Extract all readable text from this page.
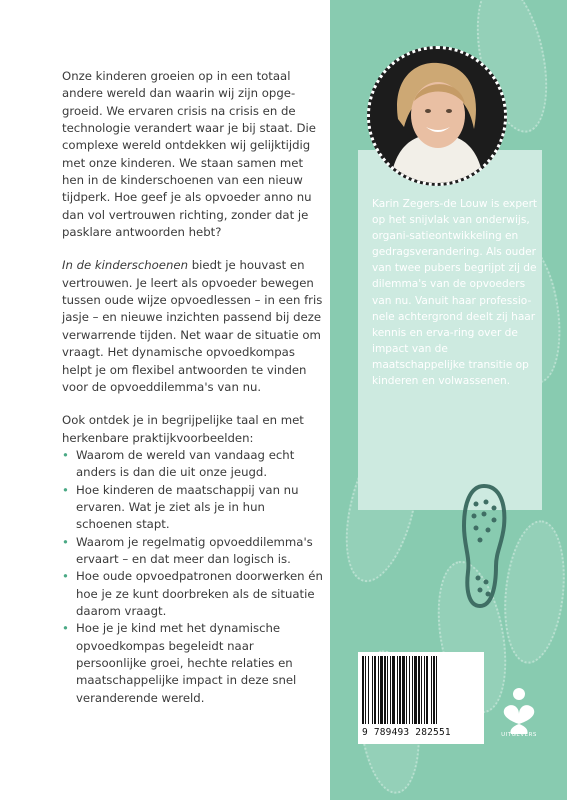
Karin Zegers-de Louw is expert op het snijvlak van onderwijs, organi-satieontwikkeling en gedragsverandering. Als ouder van twee pubers begrijpt zij de dilemma's van de opvoeders van nu. Vanuit haar professio-nele achtergrond deelt zij haar kennis en erva-ring over de impact van de maatschappelijke transitie op kinderen en volwassenen.

Onze kinderen groeien op in een totaal andere wereld dan waarin wij zijn opge-groeid. We ervaren crisis na crisis en de technologie verandert waar je bij staat. Die complexe wereld ontdekken wij gelijktijdig met onze kinderen. We staan samen met hen in de kinderschoenen van een nieuw tijdperk. Hoe geef je als opvoeder anno nu dan vol vertrouwen richting, zonder dat je pasklare antwoorden hebt?

In de kinderschoenen biedt je houvast en vertrouwen. Je leert als opvoeder bewegen tussen oude wijze opvoedlessen – in een fris jasje – en nieuwe inzichten passend bij deze verwarrende tijden. Net waar de situatie om vraagt. Het dynamische opvoedkompas helpt je om flexibel antwoorden te vinden voor de opvoeddilemma's van nu.

Ook ontdek je in begrijpelijke taal en met herkenbare praktijkvoorbeelden:
• Waarom de wereld van vandaag echt anders is dan die uit onze jeugd.
• Hoe kinderen de maatschappij van nu ervaren. Wat je ziet als je in hun schoenen stapt.
• Waarom je regelmatig opvoeddilemma's ervaart – en dat meer dan logisch is.
• Hoe oude opvoedpatronen doorwerken én hoe je ze kunt doorbreken als de situatie daarom vraagt.
• Hoe je je kind met het dynamische opvoedkompas begeleidt naar persoonlijke groei, hechte relaties en maatschappelijke impact in deze snel veranderende wereld.
9 789493 282551	UITGEVERS
